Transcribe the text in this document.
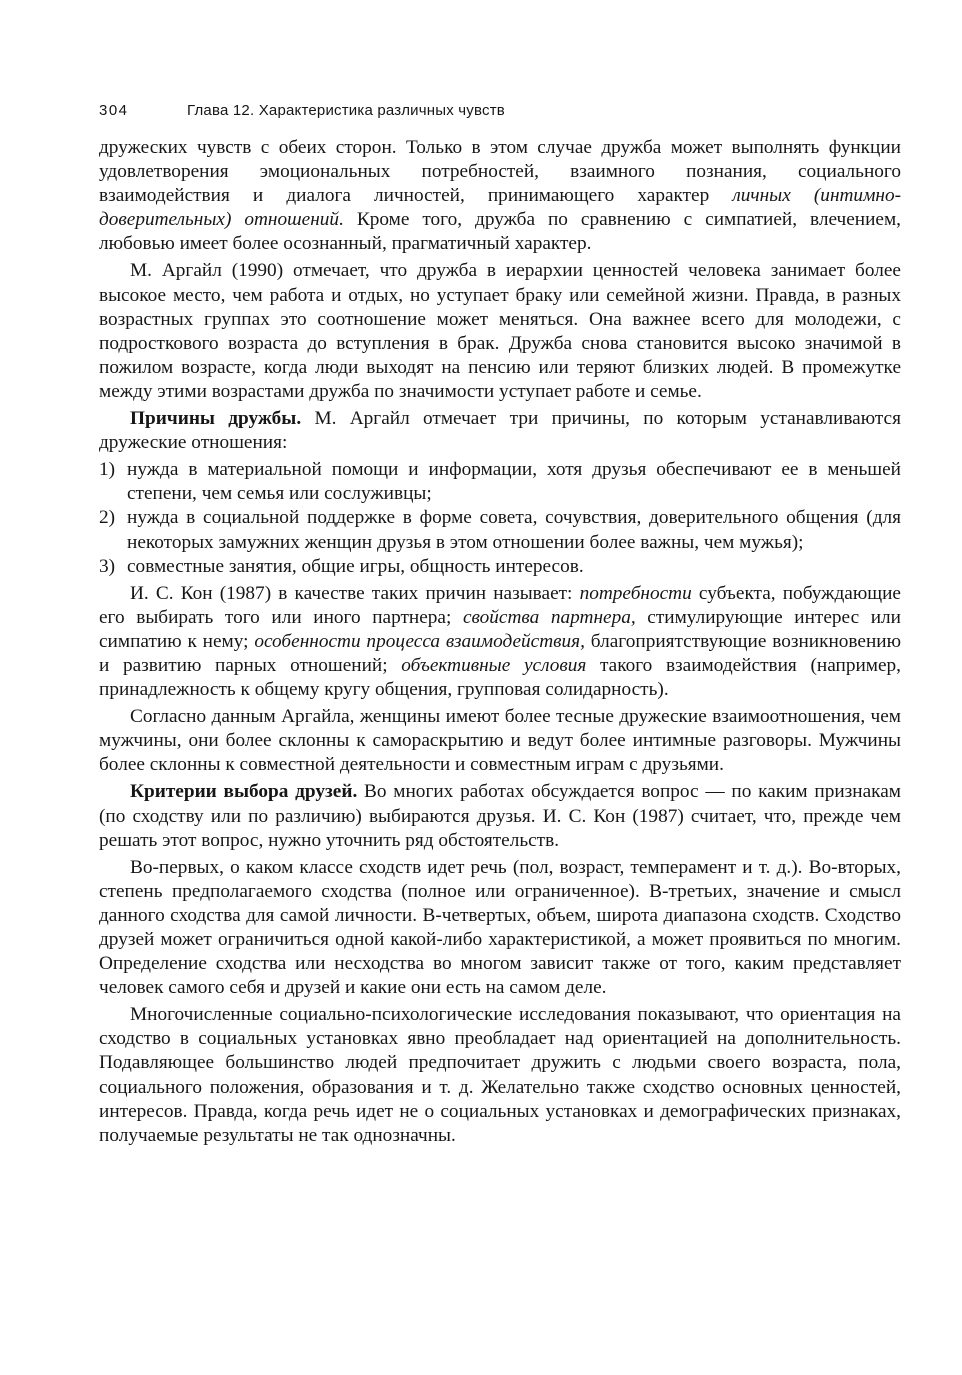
304	Глава 12. Характеристика различных чувств

дружеских чувств с обеих сторон. Только в этом случае дружба может выполнять функции удовлетворения эмоциональных потребностей, взаимного познания, социального взаимодействия и диалога личностей, принимающего характер личных (интимно-доверительных) отношений. Кроме того, дружба по сравнению с симпатией, влечением, любовью имеет более осознанный, прагматичный характер.

М. Аргайл (1990) отмечает, что дружба в иерархии ценностей человека занимает более высокое место, чем работа и отдых, но уступает браку или семейной жизни. Правда, в разных возрастных группах это соотношение может меняться. Она важнее всего для молодежи, с подросткового возраста до вступления в брак. Дружба снова становится высоко значимой в пожилом возрасте, когда люди выходят на пенсию или теряют близких людей. В промежутке между этими возрастами дружба по значимости уступает работе и семье.

Причины дружбы. М. Аргайл отмечает три причины, по которым устанавливаются дружеские отношения:

1) нужда в материальной помощи и информации, хотя друзья обеспечивают ее в меньшей степени, чем семья или сослуживцы;
2) нужда в социальной поддержке в форме совета, сочувствия, доверительного общения (для некоторых замужних женщин друзья в этом отношении более важны, чем мужья);
3) совместные занятия, общие игры, общность интересов.

И. С. Кон (1987) в качестве таких причин называет: потребности субъекта, побуждающие его выбирать того или иного партнера; свойства партнера, стимулирующие интерес или симпатию к нему; особенности процесса взаимодействия, благоприятствующие возникновению и развитию парных отношений; объективные условия такого взаимодействия (например, принадлежность к общему кругу общения, групповая солидарность).

Согласно данным Аргайла, женщины имеют более тесные дружеские взаимоотношения, чем мужчины, они более склонны к самораскрытию и ведут более интимные разговоры. Мужчины более склонны к совместной деятельности и совместным играм с друзьями.

Критерии выбора друзей. Во многих работах обсуждается вопрос — по каким признакам (по сходству или по различию) выбираются друзья. И. С. Кон (1987) считает, что, прежде чем решать этот вопрос, нужно уточнить ряд обстоятельств.

Во-первых, о каком классе сходств идет речь (пол, возраст, темперамент и т. д.). Во-вторых, степень предполагаемого сходства (полное или ограниченное). В-третьих, значение и смысл данного сходства для самой личности. В-четвертых, объем, широта диапазона сходств. Сходство друзей может ограничиться одной какой-либо характеристикой, а может проявиться по многим. Определение сходства или несходства во многом зависит также от того, каким представляет человек самого себя и друзей и какие они есть на самом деле.

Многочисленные социально-психологические исследования показывают, что ориентация на сходство в социальных установках явно преобладает над ориентацией на дополнительность. Подавляющее большинство людей предпочитает дружить с людьми своего возраста, пола, социального положения, образования и т. д. Желательно также сходство основных ценностей, интересов. Правда, когда речь идет не о социальных установках и демографических признаках, получаемые результаты не так однозначны.
